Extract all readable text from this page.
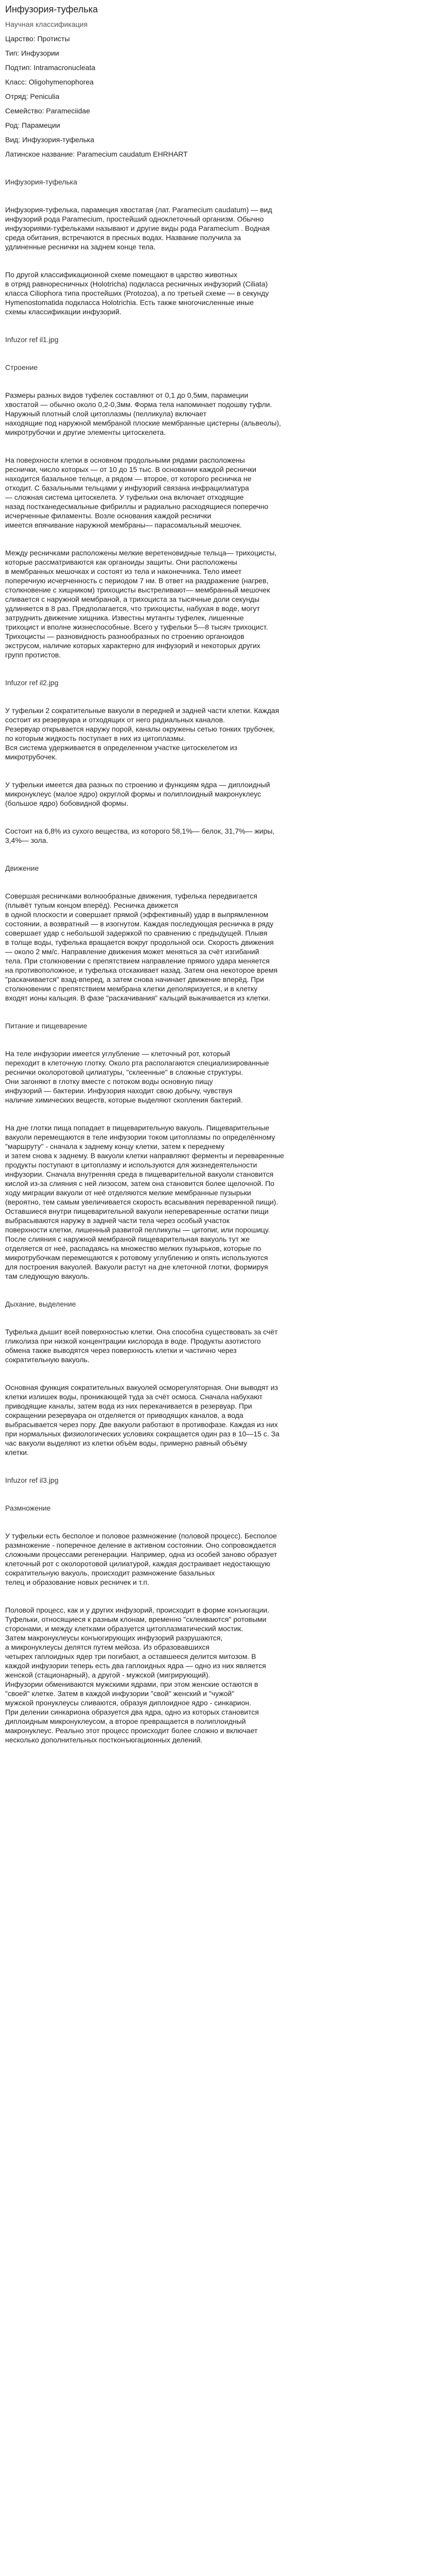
Инфузория-туфелька
Научная классификация
Царство: Протисты
Тип: Инфузории
Подтип: Intramacronucleata
Класс: Oligohymenophorea
Отряд: Peniculia
Семейство: Parameciidae
Род: Парамеции
Вид: Инфузория-туфелька
Латинское название: Paramecium caudatum EHRHART

Инфузория-туфелька

Инфузория-туфелька, парамеция хвостатая (лат. Paramecium caudatum) — вид
инфузорий рода Paramecium, простейший одноклеточный организм. Обычно
инфузориями-туфельками называют и другие виды рода Paramecium . Водная
среда обитания, встречаются в пресных водах. Название получила за
удлиненные реснички на заднем конце тела.

По другой классификационной схеме помещают в царство животных
в отряд равноресничных (Holotricha) подкласса ресничных инфузорий (Ciliata)
класса Ciliophora типа простейших (Protozoa), а по третьей схеме — в секунду
Hymenostomatida подкласса Holotrichia. Есть также многочисленные иные
схемы классификации инфузорий.

Infuzor ref il1.jpg

Строение

Размеры разных видов туфелек составляют от 0,1 до 0,5мм, парамеции
хвостатой — обычно около 0,2-0,3мм. Форма тела напоминает подошву туфли.
Наружный плотный слой цитоплазмы (пелликула) включает
находящие под наружной мембраной плоские мембранные цистерны (альвеолы),
микротрубочки и другие элементы цитоскелета.

На поверхности клетки в основном продольными рядами расположены
реснички, число которых — от 10 до 15 тыс. В основании каждой реснички
находится базальное тельце, а рядом — второе, от которого ресничка не
отходит. С базальными тельцами у инфузорий связана инфрацилиатура
— сложная система цитоскелета. У туфельки она включает отходящие
назад постканедесмальные фибриллы и радиально расходящиеся поперечно
исчерченные филаменты. Возле основания каждой реснички
имеется впячивание наружной мембраны— парасомальный мешочек.

Между ресничками расположены мелкие веретеновидные тельца— трихоцисты,
которые рассматриваются как органоиды защиты. Они расположены
в мембранных мешочках и состоят из тела и наконечника. Тело имеет
поперечную исчерченность с периодом 7 нм. В ответ на раздражение (нагрев,
столкновение с хищником) трихоцисты выстреливают— мембранный мешочек
сливается с наружной мембраной, а трихоциста за тысячные доли секунды
удлиняется в 8 раз. Предполагается, что трихоцисты, набухая в воде, могут
затруднить движение хищника. Известны мутанты туфелек, лишенные
трихоцист и вполне жизнеспособные. Всего у туфельки 5—8 тысяч трихоцист.
Трихоцисты — разновидность разнообразных по строению органоидов
экструсом, наличие которых характерно для инфузорий и некоторых других
групп протистов.

Infuzor ref il2.jpg

У туфельки 2 сократительные вакуоли в передней и задней части клетки. Каждая
состоит из резервуара и отходящих от него радиальных каналов.
Резервуар открывается наружу порой, каналы окружены сетью тонких трубочек,
по которым жидкость поступает в них из цитоплазмы.
Вся система удерживается в определенном участке цитоскелетом из
микротрубочек.

У туфельки имеется два разных по строению и функциям ядра — диплоидный
микронуклеус (малое ядро) округлой формы и полиплоидный макронуклеус
(большое ядро) бобовидной формы.

Состоит на 6,8% из сухого вещества, из которого 58,1%— белок, 31,7%— жиры,
3,4%— зола.

Движение

Совершая ресничками волнообразные движения, туфелька передвигается
(плывёт тупым концом вперёд). Ресничка движется
в одной плоскости и совершает прямой (эффективный) удар в выпрямленном
состоянии, а возвратный — в изогнутом. Каждая последующая ресничка в ряду
совершает удар с небольшой задержкой по сравнению с предыдущей. Плывя
в толще воды, туфелька вращается вокруг продольной оси. Скорость движения
— около 2 мм/с. Направление движения может меняться за счёт изгибаний
тела. При столкновении с препятствием направление прямого удара меняется
на противоположное, и туфелька отскакивает назад. Затем она некоторое время
"раскачивается" взад-вперед, а затем снова начинает движение вперёд. При
столкновении с препятствием мембрана клетки деполяризуется, и в клетку
входят ионы кальция. В фазе "раскачивания" кальций выкачивается из клетки.

Питание и пищеварение

На теле инфузории имеется углубление — клеточный рот, который
переходит в клеточную глотку. Около рта располагаются специализированные
реснички околоротовой цилиатуры, "склеенные" в сложные структуры.
Они загоняют в глотку вместе с потоком воды основную пищу
инфузорий — бактерии. Инфузория находит свою добычу, чувствуя
наличие химических веществ, которые выделяют скопления бактерий.

На дне глотки пища попадает в пищеварительную вакуоль. Пищеварительные
вакуоли перемещаются в теле инфузории током цитоплазмы по определённому
"маршруту" - сначала к заднему концу клетки, затем к переднему
и затем снова к заднему. В вакуоли клетки направляют ферменты и переваренные
продукты поступают в цитоплазму и используются для жизнедеятельности
инфузории. Сначала внутренняя среда в пищеварительной вакуоли становится
кислой из-за слияния с ней лизосом, затем она становится более щелочной. По
ходу миграции вакуоли от неё отделяются мелкие мембранные пузырьки
(вероятно, тем самым увеличивается скорость всасывания переваренной пищи).
Оставшиеся внутри пищеварительной вакуоли непереваренные остатки пищи
выбрасываются наружу в задней части тела через особый участок
поверхности клетки, лишенный развитой пелликулы — цитопиг, или порошицу.
После слияния с наружной мембраной пищеварительная вакуоль тут же
отделяется от неё, распадаясь на множество мелких пузырьков, которые по
микротрубочкам перемещаются к ротовому углублению и опять используются
для построения вакуолей. Вакуоли растут на дне клеточной глотки, формируя
там следующую вакуоль.

Дыхание, выделение

Туфелька дышит всей поверхностью клетки. Она способна существовать за счёт
гликолиза при низкой концентрации кислорода в воде. Продукты азотистого
обмена также выводятся через поверхность клетки и частично через
сократительную вакуоль.

Основная функция сократительных вакуолей осморегуляторная. Они выводят из
клетки излишек воды, проникающей туда за счёт осмоса. Сначала набухают
приводящие каналы, затем вода из них перекачивается в резервуар. При
сокращении резервуара он отделяется от приводящих каналов, а вода
выбрасывается через пору. Две вакуоли работают в противофазе. Каждая из них
при нормальных физиологических условиях сокращается один раз в 10—15 с. За
час вакуоли выделяют из клетки объём воды, примерно равный объёму
клетки.

Infuzor ref il3.jpg

Размножение

У туфельки есть бесполое и половое размножение (половой процесс). Бесполое
размножение - поперечное деление в активном состоянии. Оно сопровождается
сложными процессами регенерации. Например, одна из особей заново образует
клеточный рот с околоротовой цилиатурой, каждая достраивает недостающую
сократительную вакуоль, происходит размножение базальных
телец и образование новых ресничек и т.п.

Половой процесс, как и у других инфузорий, происходит в форме конъюгации.
Туфельки, относящиеся к разным клонам, временно "склеиваются" ротовыми
сторонами, и между клетками образуется цитоплазматический мостик.
Затем макронуклеусы конъюгирующих инфузорий разрушаются,
а микронуклеусы делятся путем мейоза. Из образовавшихся
четырех гаплоидных ядер три погибают, а оставшееся делится митозом. В
каждой инфузории теперь есть два гаплоидных ядра — одно из них является
женской (стационарный), а другой - мужской (мигрирующий).
Инфузории обмениваются мужскими ядрами, при этом женские остаются в
"своей" клетке. Затем в каждой инфузории "свой" женский и "чужой"
мужской пронуклеусы сливаются, образуя диплоидное ядро - синкарион.
При делении синкариона образуется два ядра, одно из которых становится
диплоидным микронуклеусом, а второе превращается в полиплоидный
макронуклеус. Реально этот процесс происходит более сложно и включает
несколько дополнительных постконъюгационных делений.
